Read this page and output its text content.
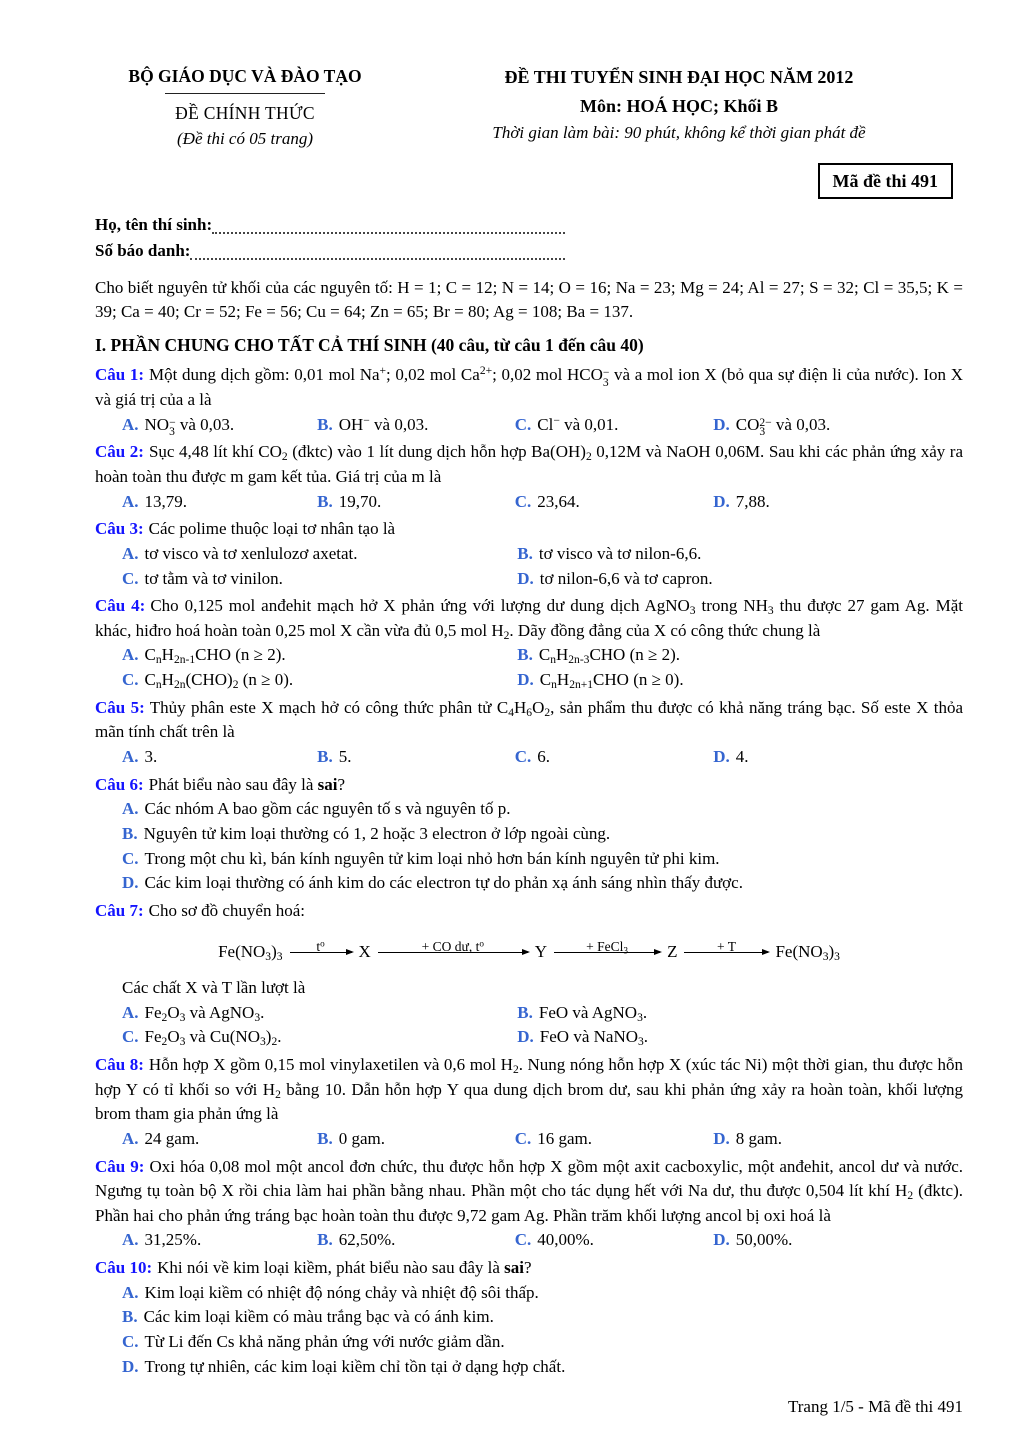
BỘ GIÁO DỤC VÀ ĐÀO TẠO
ĐỀ CHÍNH THỨC
(Đề thi có 05 trang)
ĐỀ THI TUYỂN SINH ĐẠI HỌC NĂM 2012
Môn: HOÁ HỌC; Khối B
Thời gian làm bài: 90 phút, không kể thời gian phát đề
Mã đề thi 491
Họ, tên thí sinh:
Số báo danh:

Cho biết nguyên tử khối của các nguyên tố: H = 1; C = 12; N = 14; O = 16; Na = 23; Mg = 24; Al = 27; S = 32; Cl = 35,5; K = 39; Ca = 40; Cr = 52; Fe = 56; Cu = 64; Zn = 65; Br = 80; Ag = 108; Ba = 137.

I. PHẦN CHUNG CHO TẤT CẢ THÍ SINH (40 câu, từ câu 1 đến câu 40)

Câu 1: Một dung dịch gồm: 0,01 mol Na+; 0,02 mol $Ca^{2+}$; 0,02 mol HCO −
3 và a mol ion X (bỏ qua sự điện li của nước). Ion X và giá trị của a là

A. NO −
3 và 0,03.	B. OH− và 0,03.	C. Cl− và 0,01.	D. CO 2−
3 và 0,03.

Câu 2: Sục 4,48 lít khí $CO_2$ (đktc) vào 1 lít dung dịch hỗn hợp $Ba(OH)_2$ 0,12M và NaOH 0,06M. Sau khi các phản ứng xảy ra hoàn toàn thu được m gam kết tủa. Giá trị của m là

A. 13,79.	B. 19,70.	C. 23,64.	D. 7,88.

Câu 3: Các polime thuộc loại tơ nhân tạo là

A. tơ visco và tơ xenlulozơ axetat.	B. tơ visco và tơ nilon-6,6.
C. tơ tằm và tơ vinilon.	D. tơ nilon-6,6 và tơ capron.

Câu 4: Cho 0,125 mol anđehit mạch hở X phản ứng với lượng dư dung dịch AgNO$_3$ trong $NH_3$ thu được 27 gam Ag. Mặt khác, hiđro hoá hoàn toàn 0,25 mol X cần vừa đủ 0,5 mol $H_2$. Dãy đồng đẳng của X có công thức chung là

A. $C_nH_{2n-1}CHO$ (n ≥ 2).	B. $C_nH_{2n-3}CHO$ (n ≥ 2).
C. $C_nH_{2n}(CHO)_2$ (n ≥ 0).	D. $C_nH_{2n+1}CHO$ (n ≥ 0).

Câu 5: Thủy phân este X mạch hở có công thức phân tử $C_4H_6O_2$, sản phẩm thu được có khả năng tráng bạc. Số este X thỏa mãn tính chất trên là

A. 3.	B. 5.	C. 6.	D. 4.

Câu 6: Phát biểu nào sau đây là sai?

A. Các nhóm A bao gồm các nguyên tố s và nguyên tố p.
B. Nguyên tử kim loại thường có 1, 2 hoặc 3 electron ở lớp ngoài cùng.
C. Trong một chu kì, bán kính nguyên tử kim loại nhỏ hơn bán kính nguyên tử phi kim.
D. Các kim loại thường có ánh kim do các electron tự do phản xạ ánh sáng nhìn thấy được.

Câu 7: Cho sơ đồ chuyển hoá:

$Fe(NO_3)_3$
$t^o$	X	+ CO dư, $t^o$	Y	+ FeCl$_3$	Z	+ T	$Fe(NO_3)_3$

Các chất X và T lần lượt là

A. $Fe_2O_3$ và AgNO$_3$.	B. FeO và AgNO$_3$.
C. $Fe_2O_3$ và $Cu(NO_3)_2$.	D. FeO và NaNO$_3$.

Câu 8: Hỗn hợp X gồm 0,15 mol vinylaxetilen và 0,6 mol $H_2$. Nung nóng hỗn hợp X (xúc tác Ni) một thời gian, thu được hỗn hợp Y có tỉ khối so với $H_2$ bằng 10. Dẫn hỗn hợp Y qua dung dịch brom dư, sau khi phản ứng xảy ra hoàn toàn, khối lượng brom tham gia phản ứng là

A. 24 gam.	B. 0 gam.	C. 16 gam.	D. 8 gam.

Câu 9: Oxi hóa 0,08 mol một ancol đơn chức, thu được hỗn hợp X gồm một axit cacboxylic, một anđehit, ancol dư và nước. Ngưng tụ toàn bộ X rồi chia làm hai phần bằng nhau. Phần một cho tác dụng hết với Na dư, thu được 0,504 lít khí $H_2$ (đktc). Phần hai cho phản ứng tráng bạc hoàn toàn thu được 9,72 gam Ag. Phần trăm khối lượng ancol bị oxi hoá là

A. 31,25%.	B. 62,50%.	C. 40,00%.	D. 50,00%.

Câu 10: Khi nói về kim loại kiềm, phát biểu nào sau đây là sai?

A. Kim loại kiềm có nhiệt độ nóng chảy và nhiệt độ sôi thấp.
B. Các kim loại kiềm có màu trắng bạc và có ánh kim.
C. Từ Li đến Cs khả năng phản ứng với nước giảm dần.
D. Trong tự nhiên, các kim loại kiềm chỉ tồn tại ở dạng hợp chất.
Trang 1/5 - Mã đề thi 491
